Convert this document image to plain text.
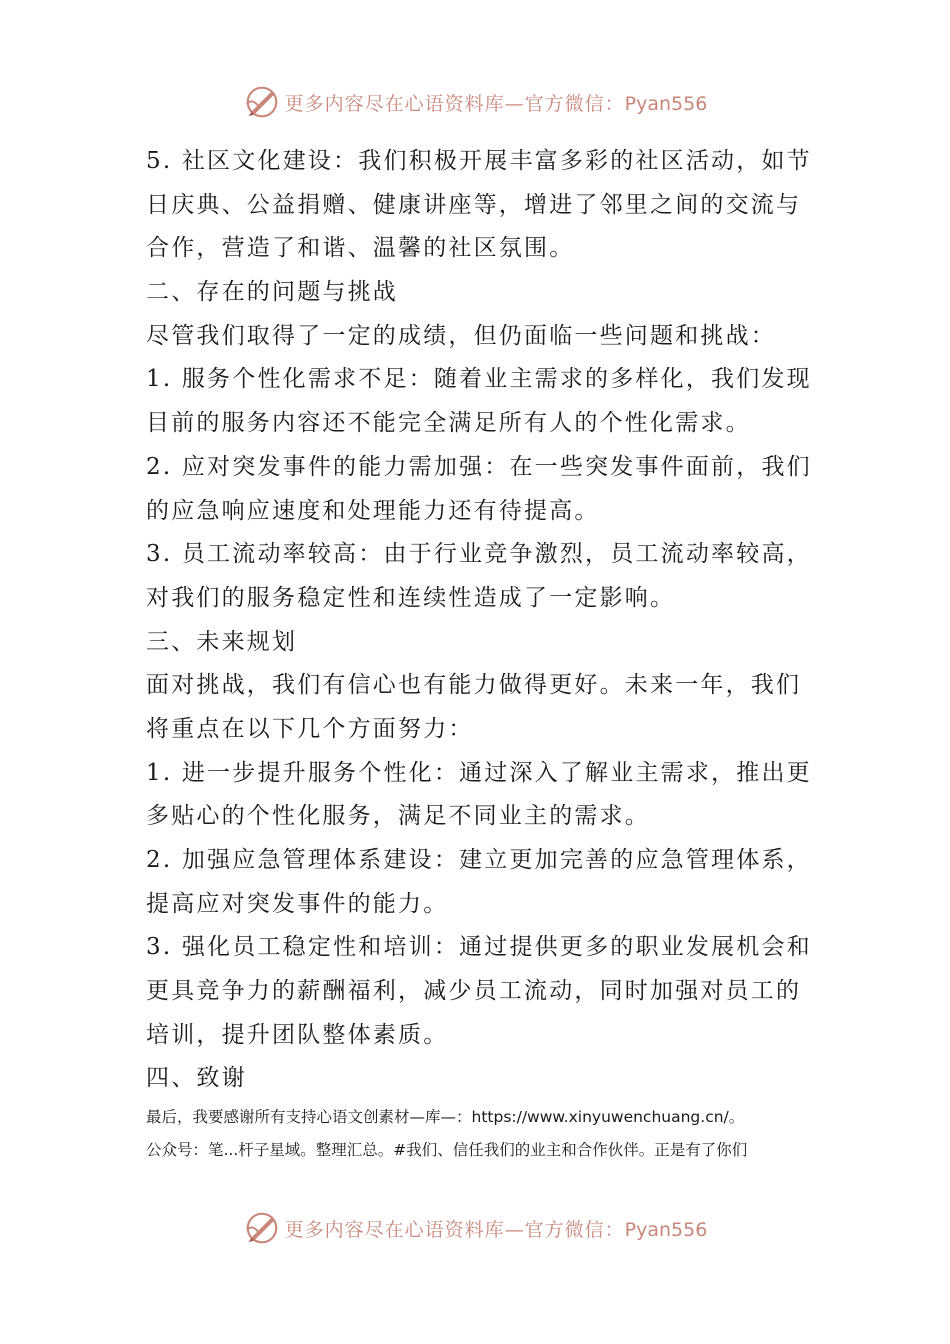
更多内容尽在心语资料库—官方微信：Pyan556
5. 社区文化建设：我们积极开展丰富多彩的社区活动，如节
日庆典、公益捐赠、健康讲座等，增进了邻里之间的交流与
合作，营造了和谐、温馨的社区氛围。
二、存在的问题与挑战
尽管我们取得了一定的成绩，但仍面临一些问题和挑战：
1. 服务个性化需求不足：随着业主需求的多样化，我们发现
目前的服务内容还不能完全满足所有人的个性化需求。
2. 应对突发事件的能力需加强：在一些突发事件面前，我们
的应急响应速度和处理能力还有待提高。
3. 员工流动率较高：由于行业竞争激烈，员工流动率较高，
对我们的服务稳定性和连续性造成了一定影响。
三、未来规划
面对挑战，我们有信心也有能力做得更好。未来一年，我们
将重点在以下几个方面努力：
1. 进一步提升服务个性化：通过深入了解业主需求，推出更
多贴心的个性化服务，满足不同业主的需求。
2. 加强应急管理体系建设：建立更加完善的应急管理体系，
提高应对突发事件的能力。
3. 强化员工稳定性和培训：通过提供更多的职业发展机会和
更具竞争力的薪酬福利，减少员工流动，同时加强对员工的
培训，提升团队整体素质。
四、致谢
最后，我要感谢所有支持心语文创素材—库—：https://www.xinyuwenchuang.cn/。
公众号：笔...杆子星域。整理汇总。#我们、信任我们的业主和合作伙伴。正是有了你们
更多内容尽在心语资料库—官方微信：Pyan556
